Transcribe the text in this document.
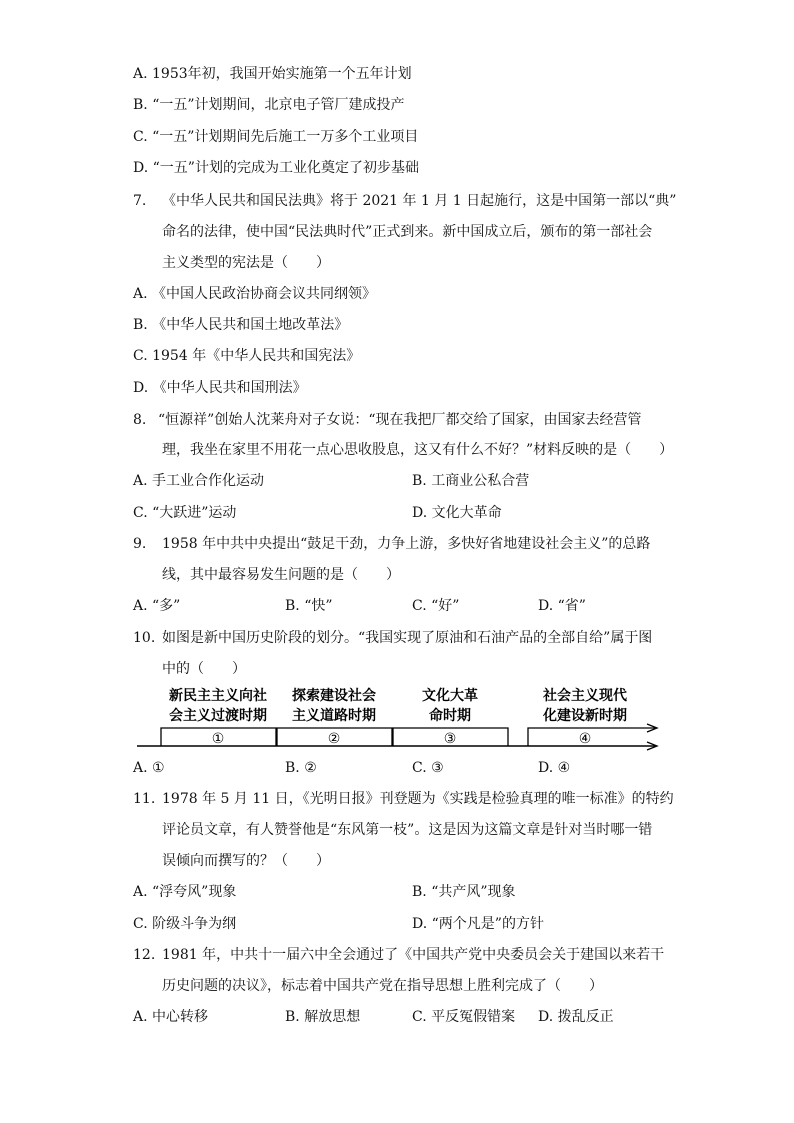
A. 1953年初，我国开始实施第一个五年计划
B. “一五”计划期间，北京电子管厂建成投产
C. “一五”计划期间先后施工一万多个工业项目
D. “一五”计划的完成为工业化奠定了初步基础
7. 《中华人民共和国民法典》将于 2021 年 1 月 1 日起施行，这是中国第一部以“典”
命名的法律，使中国“民法典时代”正式到来。新中国成立后，颁布的第一部社会
主义类型的宪法是（　　）
A. 《中国人民政治协商会议共同纲领》
B. 《中华人民共和国土地改革法》
C. 1954 年《中华人民共和国宪法》
D. 《中华人民共和国刑法》
8. “恒源祥”创始人沈莱舟对子女说：“现在我把厂都交给了国家，由国家去经营管
理，我坐在家里不用花一点心思收股息，这又有什么不好？”材料反映的是（　　）
A. 手工业合作化运动	B. 工商业公私合营
C. “大跃进”运动	D. 文化大革命
9. 1958 年中共中央提出“鼓足干劲，力争上游，多快好省地建设社会主义”的总路
线，其中最容易发生问题的是（　　）
A. “多”	B. “快”	C. “好”	D. “省”
10. 如图是新中国历史阶段的划分。“我国实现了原油和石油产品的全部自给”属于图
中的（　　）
新民主主义向社
会主义过渡时期
探索建设社会
主义道路时期
文化大革
命时期
社会主义现代
化建设新时期
①	②	③	④
A. ①	B. ②	C. ③	D. ④
11. 1978 年 5 月 11 日，《光明日报》刊登题为《实践是检验真理的唯一标准》的特约
评论员文章，有人赞誉他是“东风第一枝”。这是因为这篇文章是针对当时哪一错
误倾向而撰写的？（　　）
A. “浮夸风”现象	B. “共产风”现象
C. 阶级斗争为纲	D. “两个凡是”的方针
12. 1981 年，中共十一届六中全会通过了《中国共产党中央委员会关于建国以来若干
历史问题的决议》，标志着中国共产党在指导思想上胜利完成了（　　）
A. 中心转移	B. 解放思想	C. 平反冤假错案 D. 拨乱反正
